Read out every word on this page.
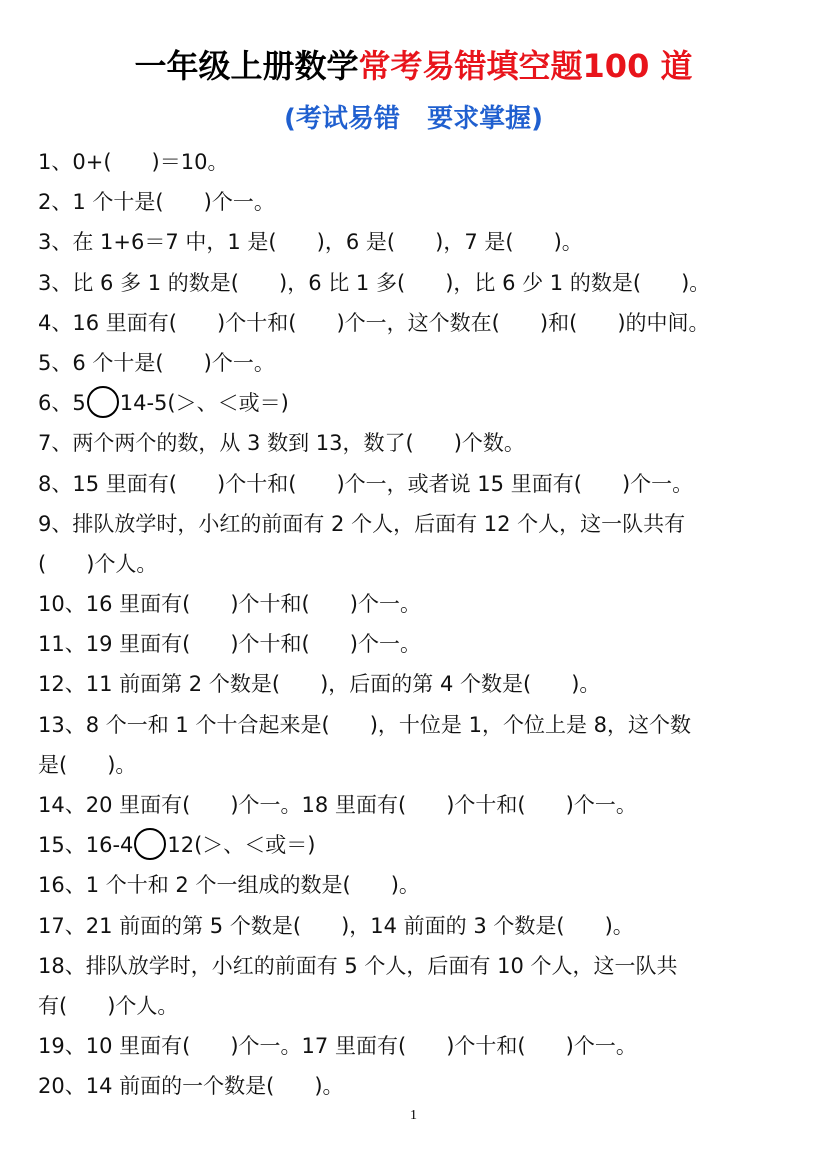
一年级上册数学常考易错填空题100 道
(考试易错   要求掌握)
1、0+(      )＝10。
2、1 个十是(      )个一。
3、在 1+6＝7 中，1 是(      )，6 是(      )，7 是(      )。
3、比 6 多 1 的数是(      )，6 比 1 多(      )，比 6 少 1 的数是(      )。
4、16 里面有(      )个十和(      )个一，这个数在(      )和(      )的中间。
5、6 个十是(      )个一。
6、5 14-5(＞、＜或＝)
7、两个两个的数，从 3 数到 13，数了(      )个数。
8、15 里面有(      )个十和(      )个一，或者说 15 里面有(      )个一。
9、排队放学时，小红的前面有 2 个人，后面有 12 个人，这一队共有
(      )个人。
10、16 里面有(      )个十和(      )个一。
11、19 里面有(      )个十和(      )个一。
12、11 前面第 2 个数是(      )，后面的第 4 个数是(      )。
13、8 个一和 1 个十合起来是(      )，十位是 1，个位上是 8，这个数
是(      )。
14、20 里面有(      )个一。18 里面有(      )个十和(      )个一。
15、16-4 12(＞、＜或＝)
16、1 个十和 2 个一组成的数是(      )。
17、21 前面的第 5 个数是(      )，14 前面的 3 个数是(      )。
18、排队放学时，小红的前面有 5 个人，后面有 10 个人，这一队共
有(      )个人。
19、10 里面有(      )个一。17 里面有(      )个十和(      )个一。
20、14 前面的一个数是(      )。
1
